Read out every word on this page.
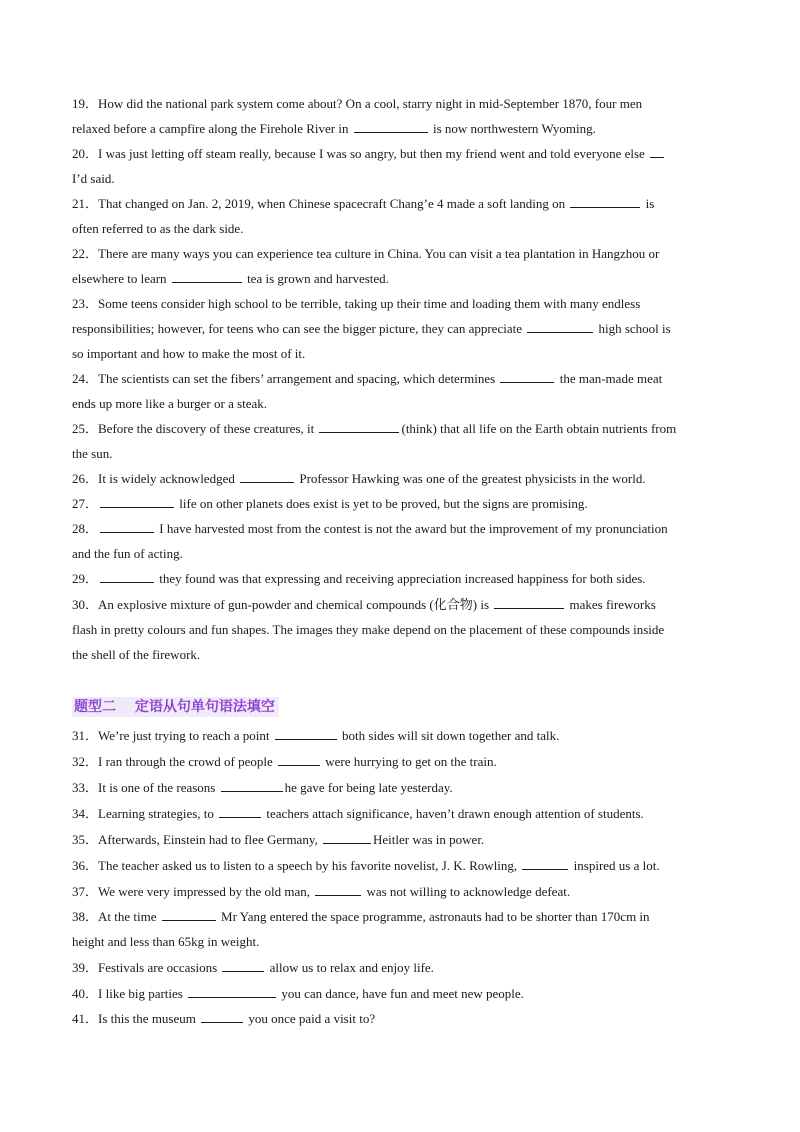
19．How did the national park system come about? On a cool, starry night in mid-September 1870, four men
relaxed before a campfire along the Firehole River in	is now northwestern Wyoming.
20．I was just letting off steam really, because I was so angry, but then my friend went and told everyone else
I’d said.
21．That changed on Jan. 2, 2019, when Chinese spacecraft Chang’e 4 made a soft landing on	is
often referred to as the dark side.
22．There are many ways you can experience tea culture in China. You can visit a tea plantation in Hangzhou or
elsewhere to learn	tea is grown and harvested.
23．Some teens consider high school to be terrible, taking up their time and loading them with many endless
responsibilities; however, for teens who can see the bigger picture, they can appreciate	high school is
so important and how to make the most of it.
24．The scientists can set the fibers’ arrangement and spacing, which determines	the man-made meat
ends up more like a burger or a steak.
25．Before the discovery of these creatures, it	(think) that all life on the Earth obtain nutrients from
the sun.
26．It is widely acknowledged	Professor Hawking was one of the greatest physicists in the world.
27．	life on other planets does exist is yet to be proved, but the signs are promising.
28．	I have harvested most from the contest is not the award but the improvement of my pronunciation
and the fun of acting.
29．	they found was that expressing and receiving appreciation increased happiness for both sides.
30．An explosive mixture of gun-powder and chemical compounds (化合物) is	makes fireworks
flash in pretty colours and fun shapes. The images they make depend on the placement of these compounds inside
the shell of the firework.
题型二　 定语从句单句语法填空
31．We’re just trying to reach a point	both sides will sit down together and talk.
32．I ran through the crowd of people	were hurrying to get on the train.
33．It is one of the reasons	he gave for being late yesterday.
34．Learning strategies, to	teachers attach significance, haven’t drawn enough attention of students.
35．Afterwards, Einstein had to flee Germany,	Heitler was in power.
36．The teacher asked us to listen to a speech by his favorite novelist, J. K. Rowling,	inspired us a lot.
37．We were very impressed by the old man,	was not willing to acknowledge defeat.
38．At the time	Mr Yang entered the space programme, astronauts had to be shorter than 170cm in
height and less than 65kg in weight.
39．Festivals are occasions	allow us to relax and enjoy life.
40．I like big parties	you can dance, have fun and meet new people.
41．Is this the museum	you once paid a visit to?
